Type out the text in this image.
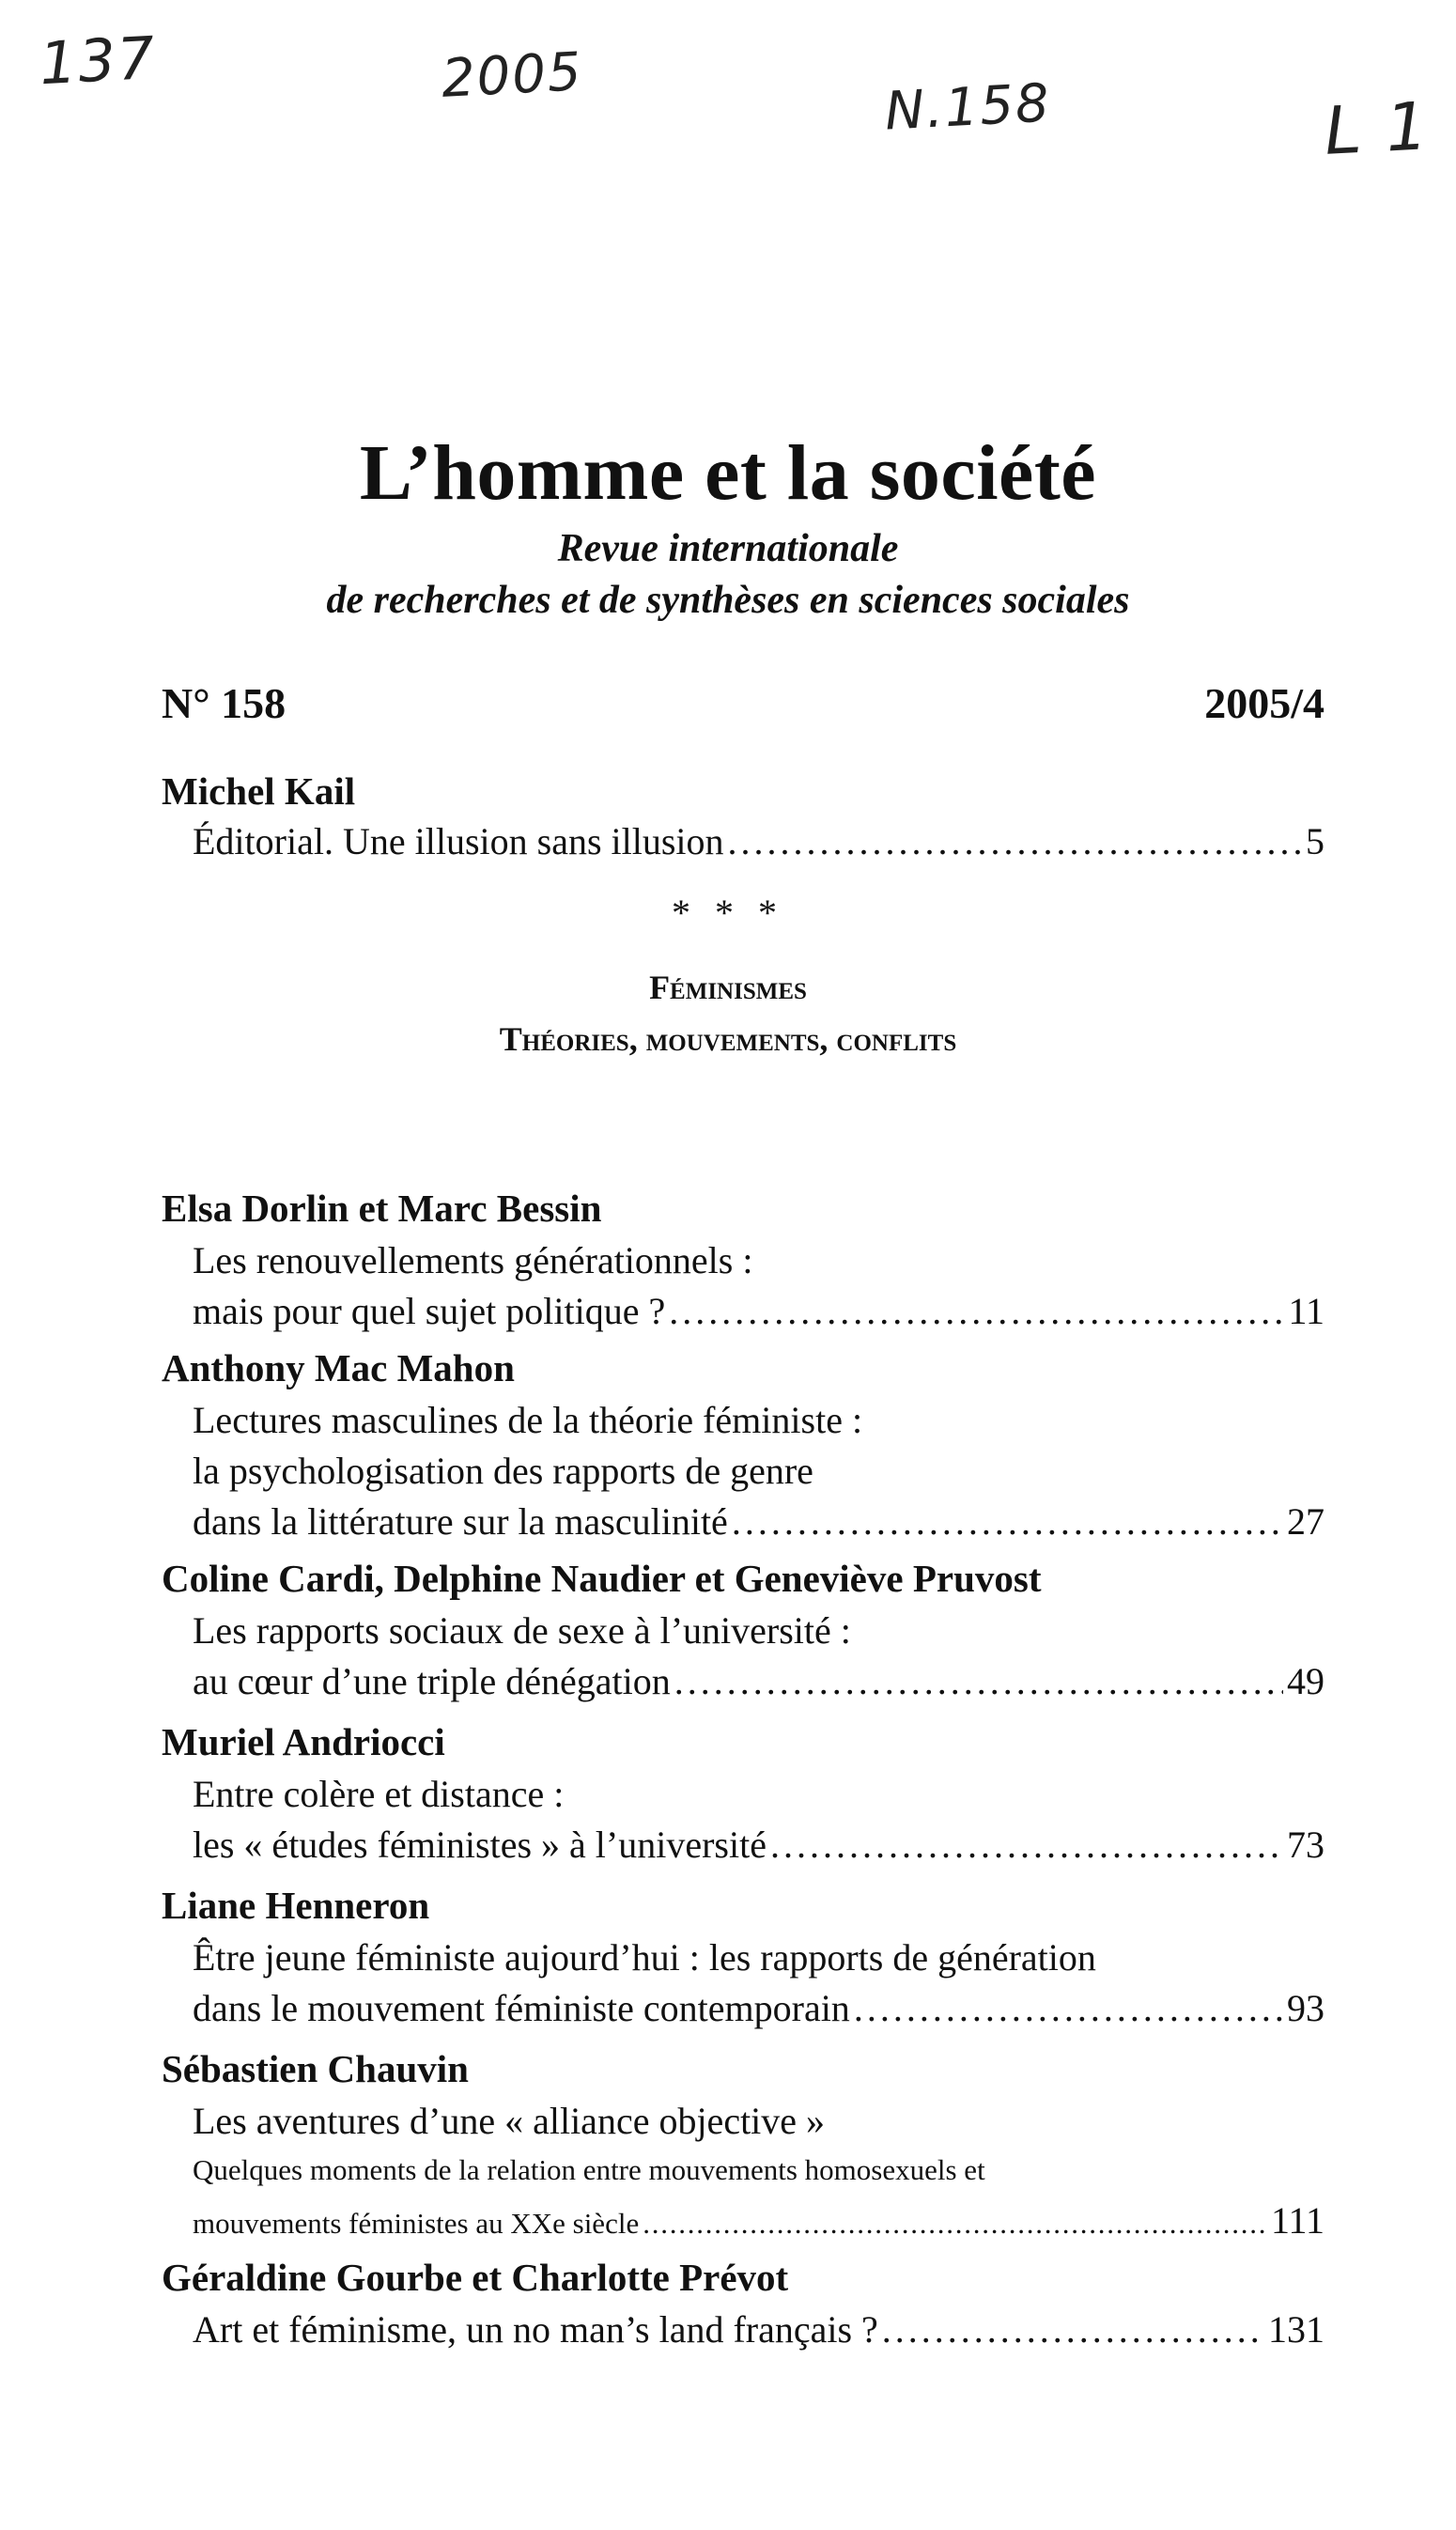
137	2005	N.158	L 1
L’homme et la société
Revue internationale
de recherches et de synthèses en sciences sociales
N° 158	2005/4
Michel Kail
Éditorial. Une illusion sans illusion . . .	5
* * *
Féminismes
Théories, mouvements, conflits
Elsa Dorlin et Marc Bessin
Les renouvellements générationnels :
mais pour quel sujet politique ? . . .	11
Anthony Mac Mahon
Lectures masculines de la théorie féministe :
la psychologisation des rapports de genre
dans la littérature sur la masculinité . . .	27
Coline Cardi, Delphine Naudier et Geneviève Pruvost
Les rapports sociaux de sexe à l’université :
au cœur d’une triple dénégation . . .	49
Muriel Andriocci
Entre colère et distance :
les « études féministes » à l’université . . .	73
Liane Henneron
Être jeune féministe aujourd’hui : les rapports de génération
dans le mouvement féministe contemporain . . .	93
Sébastien Chauvin
Les aventures d’une « alliance objective »
Quelques moments de la relation entre mouvements homosexuels et
mouvements féministes au XXe siècle . . .	111
Géraldine Gourbe et Charlotte Prévot
Art et féminisme, un no man’s land français ? . . .	131
